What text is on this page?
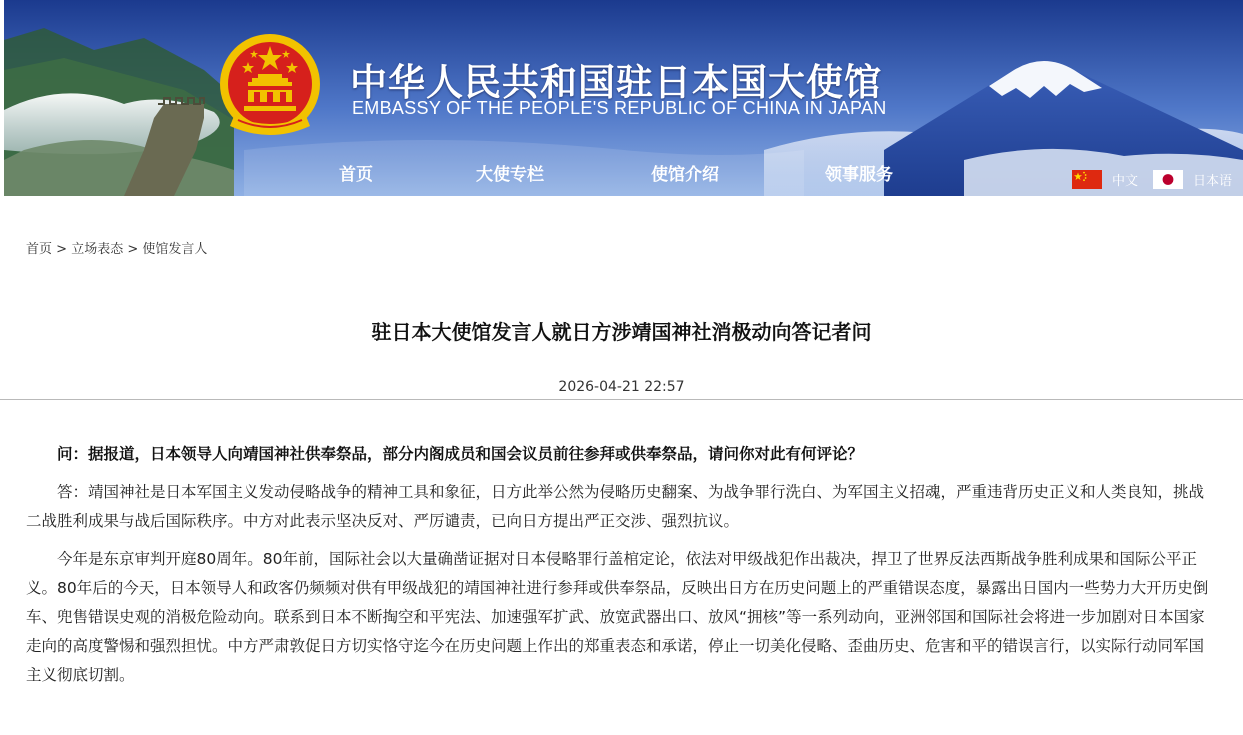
中华人民共和国驻日本国大使馆
EMBASSY OF THE PEOPLE'S REPUBLIC OF CHINA IN JAPAN
首页	大使专栏	使馆介绍	领事服务	中文	日本语
首页 > 立场表态 > 使馆发言人
驻日本大使馆发言人就日方涉靖国神社消极动向答记者问
2026-04-21 22:57

问：据报道，日本领导人向靖国神社供奉祭品，部分内阁成员和国会议员前往参拜或供奉祭品，请问你对此有何评论？

答：靖国神社是日本军国主义发动侵略战争的精神工具和象征，日方此举公然为侵略历史翻案、为战争罪行洗白、为军国主义招魂，严重违背历史正义和人类良知，挑战二战胜利成果与战后国际秩序。中方对此表示坚决反对、严厉谴责，已向日方提出严正交涉、强烈抗议。

今年是东京审判开庭80周年。80年前，国际社会以大量确凿证据对日本侵略罪行盖棺定论，依法对甲级战犯作出裁决，捍卫了世界反法西斯战争胜利成果和国际公平正义。80年后的今天，日本领导人和政客仍频频对供有甲级战犯的靖国神社进行参拜或供奉祭品，反映出日方在历史问题上的严重错误态度，暴露出日国内一些势力大开历史倒车、兜售错误史观的消极危险动向。联系到日本不断掏空和平宪法、加速强军扩武、放宽武器出口、放风“拥核”等一系列动向，亚洲邻国和国际社会将进一步加剧对日本国家走向的高度警惕和强烈担忧。中方严肃敦促日方切实恪守迄今在历史问题上作出的郑重表态和承诺，停止一切美化侵略、歪曲历史、危害和平的错误言行，以实际行动同军国主义彻底切割。
